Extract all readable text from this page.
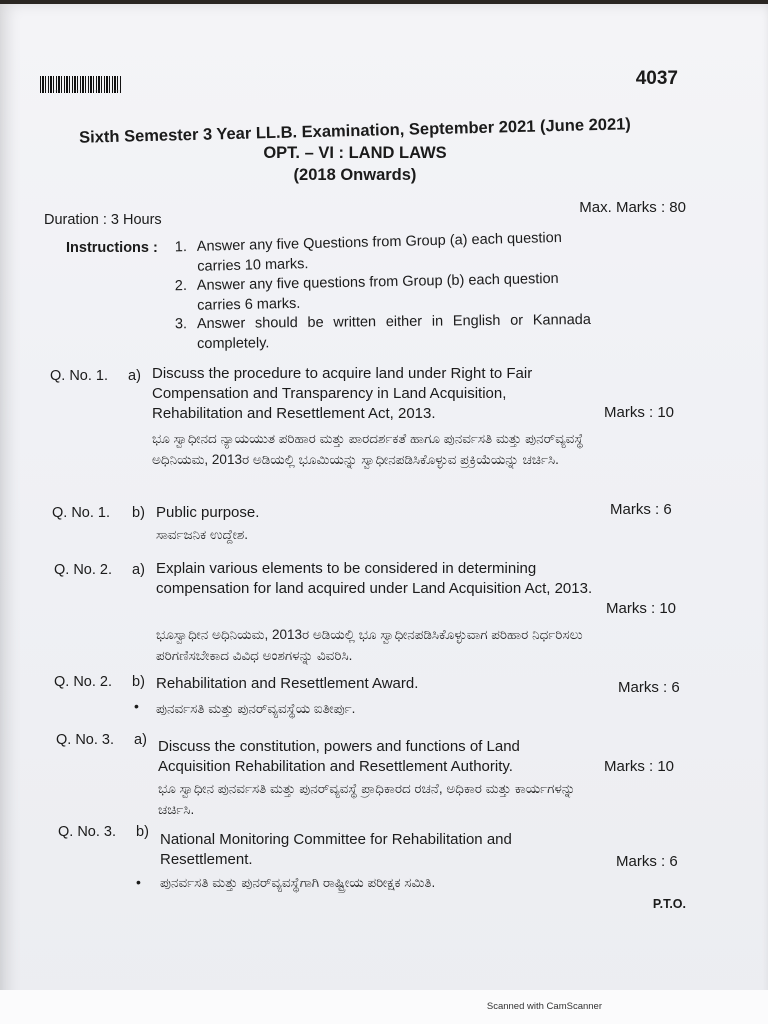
4037
Sixth Semester 3 Year LL.B. Examination, September 2021 (June 2021)
OPT. – VI : LAND LAWS
(2018 Onwards)
Duration : 3 Hours
Max. Marks : 80
Instructions : 1. Answer any five Questions from Group (a) each question carries 10 marks.
2. Answer any five questions from Group (b) each question carries 6 marks.
3. Answer should be written either in English or Kannada completely.
Q. No. 1. a) Discuss the procedure to acquire land under Right to Fair Compensation and Transparency in Land Acquisition, Rehabilitation and Resettlement Act, 2013.	Marks : 10
ಭೂ ಸ್ವಾಧೀನದ ನ್ಯಾಯಯುತ ಪರಿಹಾರ ಮತ್ತು ಪಾರದರ್ಶಕತೆ ಹಾಗೂ ಪುನರ್ವಸತಿ ಮತ್ತು ಪುನರ್‌ವ್ಯವಸ್ಥೆ ಅಧಿನಿಯಮ, 2013ರ ಅಡಿಯಲ್ಲಿ ಭೂಮಿಯನ್ನು ಸ್ವಾಧೀನಪಡಿಸಿಕೊಳ್ಳುವ ಪ್ರಕ್ರಿಯೆಯನ್ನು ಚರ್ಚಿಸಿ.
Q. No. 1. b) Public purpose.	Marks : 6
ಸಾರ್ವಜನಿಕ ಉದ್ದೇಶ.
Q. No. 2. a) Explain various elements to be considered in determining compensation for land acquired under Land Acquisition Act, 2013.
Marks : 10
ಭೂಸ್ವಾಧೀನ ಅಧಿನಿಯಮ, 2013ರ ಅಡಿಯಲ್ಲಿ ಭೂ ಸ್ವಾಧೀನಪಡಿಸಿಕೊಳ್ಳುವಾಗ ಪರಿಹಾರ ನಿರ್ಧರಿಸಲು ಪರಿಗಣಿಸಬೇಕಾದ ವಿವಿಧ ಅಂಶಗಳನ್ನು ವಿವರಿಸಿ.
Q. No. 2. b) Rehabilitation and Resettlement Award.	Marks : 6
• ಪುನರ್ವಸತಿ ಮತ್ತು ಪುನರ್‌ವ್ಯವಸ್ಥೆಯ ಐತೀರ್ಪು.
Q. No. 3. a) Discuss the constitution, powers and functions of Land Acquisition Rehabilitation and Resettlement Authority.	Marks : 10
ಭೂ ಸ್ವಾಧೀನ ಪುನರ್ವಸತಿ ಮತ್ತು ಪುನರ್‌ವ್ಯವಸ್ಥೆ ಪ್ರಾಧಿಕಾರದ ರಚನೆ, ಅಧಿಕಾರ ಮತ್ತು ಕಾರ್ಯಗಳನ್ನು ಚರ್ಚಿಸಿ.
Q. No. 3. b) National Monitoring Committee for Rehabilitation and Resettlement.	Marks : 6
• ಪುನರ್ವಸತಿ ಮತ್ತು ಪುನರ್‌ವ್ಯವಸ್ಥೆಗಾಗಿ ರಾಷ್ಟ್ರೀಯ ಪರೀಕ್ಷಕ ಸಮಿತಿ.
P.T.O.
Scanned with CamScanner
